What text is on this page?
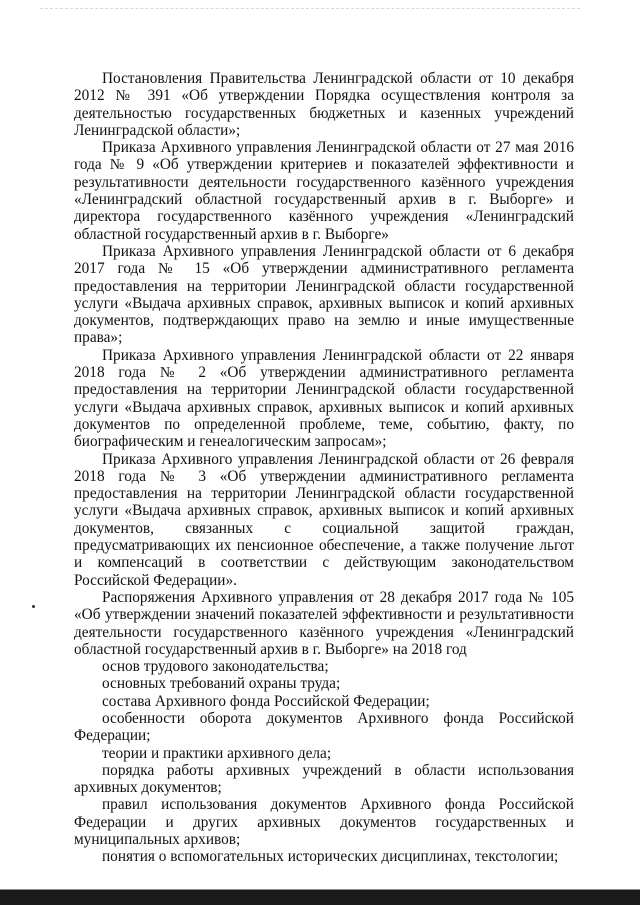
Постановления Правительства Ленинградской области от 10 декабря 2012 № 391 «Об утверждении Порядка осуществления контроля за деятельностью государственных бюджетных и казенных учреждений Ленинградской области»;

Приказа Архивного управления Ленинградской области от 27 мая 2016 года № 9 «Об утверждении критериев и показателей эффективности и результативности деятельности государственного казённого учреждения «Ленинградский областной государственный архив в г. Выборге» и директора государственного казённого учреждения «Ленинградский областной государственный архив в г. Выборге»

Приказа Архивного управления Ленинградской области от 6 декабря 2017 года № 15 «Об утверждении административного регламента предоставления на территории Ленинградской области государственной услуги «Выдача архивных справок, архивных выписок и копий архивных документов, подтверждающих право на землю и иные имущественные права»;

Приказа Архивного управления Ленинградской области от 22 января 2018 года № 2 «Об утверждении административного регламента предоставления на территории Ленинградской области государственной услуги «Выдача архивных справок, архивных выписок и копий архивных документов по определенной проблеме, теме, событию, факту, по биографическим и генеалогическим запросам»;

Приказа Архивного управления Ленинградской области от 26 февраля 2018 года № 3 «Об утверждении административного регламента предоставления на территории Ленинградской области государственной услуги «Выдача архивных справок, архивных выписок и копий архивных документов, связанных с социальной защитой граждан, предусматривающих их пенсионное обеспечение, а также получение льгот и компенсаций в соответствии с действующим законодательством Российской Федерации».

Распоряжения Архивного управления от 28 декабря 2017 года № 105 «Об утверждении значений показателей эффективности и результативности деятельности государственного казённого учреждения «Ленинградский областной государственный архив в г. Выборге» на 2018 год

основ трудового законодательства;

основных требований охраны труда;

состава Архивного фонда Российской Федерации;

особенности оборота документов Архивного фонда Российской Федерации;

теории и практики архивного дела;

порядка работы архивных учреждений в области использования архивных документов;

правил использования документов Архивного фонда Российской Федерации и других архивных документов государственных и муниципальных архивов;

понятия о вспомогательных исторических дисциплинах, текстологии;
